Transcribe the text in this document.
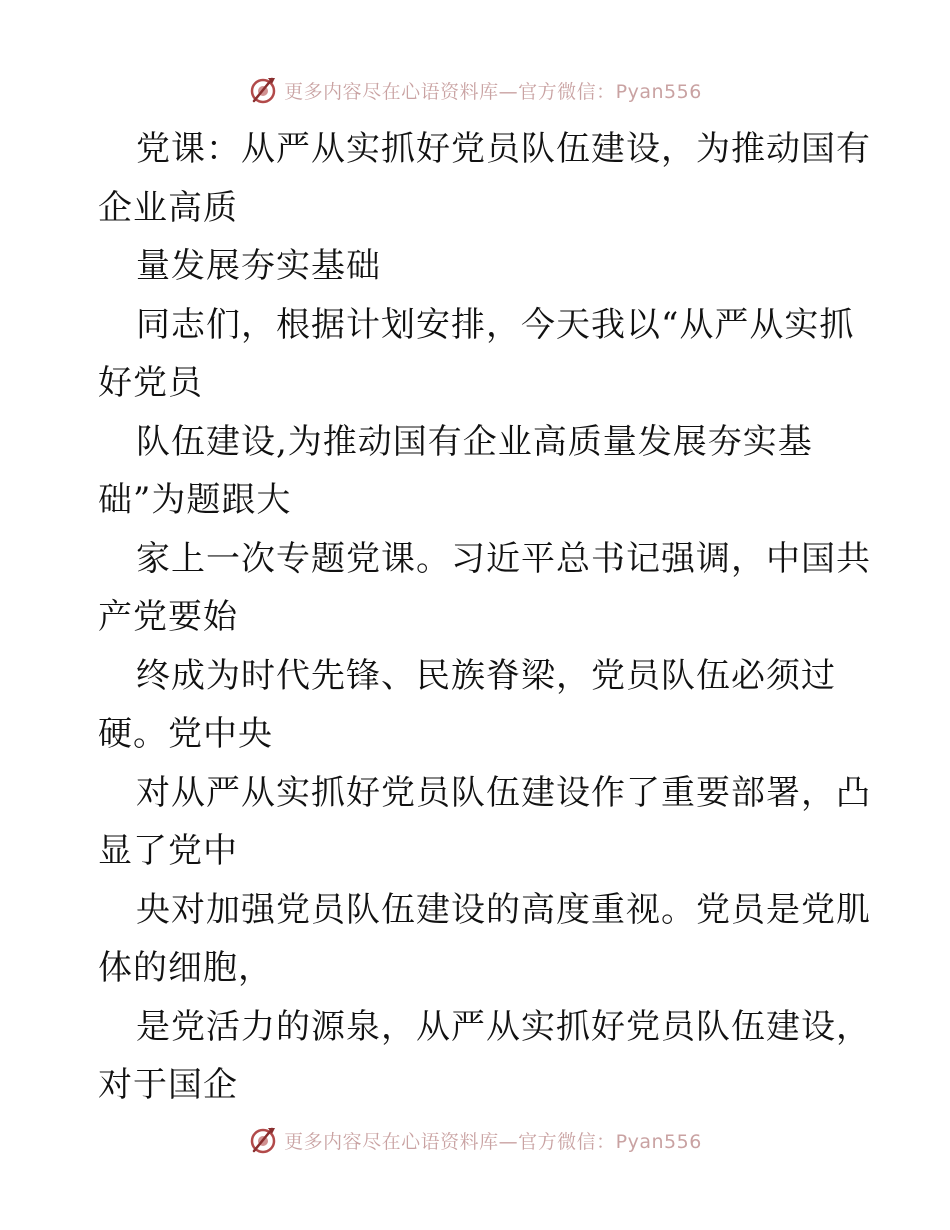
更多内容尽在心语资料库—官方微信：Pyan556
党课：从严从实抓好党员队伍建设，为推动国有
企业高质
量发展夯实基础
同志们，根据计划安排，今天我以“从严从实抓
好党员
队伍建设,为推动国有企业高质量发展夯实基
础”为题跟大
家上一次专题党课。习近平总书记强调，中国共
产党要始
终成为时代先锋、民族脊梁，党员队伍必须过
硬。党中央
对从严从实抓好党员队伍建设作了重要部署，凸
显了党中
央对加强党员队伍建设的高度重视。党员是党肌
体的细胞，
是党活力的源泉，从严从实抓好党员队伍建设，
对于国企
更多内容尽在心语资料库—官方微信：Pyan556
